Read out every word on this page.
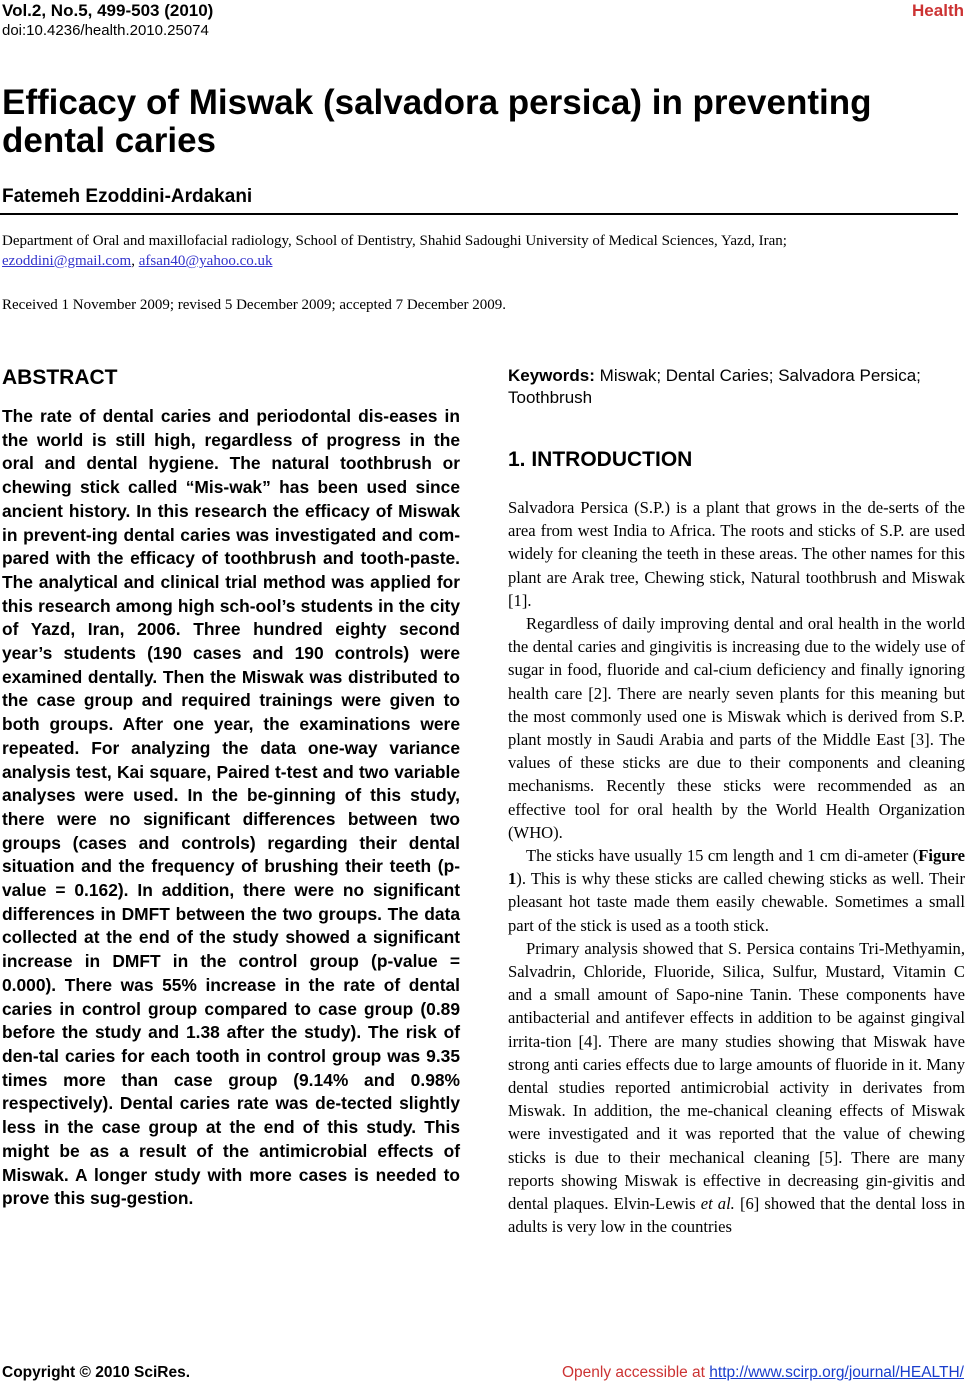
Vol.2, No.5, 499-503 (2010)	Health
doi:10.4236/health.2010.25074
Efficacy of Miswak (salvadora persica) in preventing dental caries
Fatemeh Ezoddini-Ardakani
Department of Oral and maxillofacial radiology, School of Dentistry, Shahid Sadoughi University of Medical Sciences, Yazd, Iran;
ezoddini@gmail.com, afsan40@yahoo.co.uk
Received 1 November 2009; revised 5 December 2009; accepted 7 December 2009.
ABSTRACT
The rate of dental caries and periodontal dis-eases in the world is still high, regardless of progress in the oral and dental hygiene. The natural toothbrush or chewing stick called “Mis-wak” has been used since ancient history. In this research the efficacy of Miswak in prevent-ing dental caries was investigated and com-pared with the efficacy of toothbrush and tooth-paste. The analytical and clinical trial method was applied for this research among high sch-ool’s students in the city of Yazd, Iran, 2006. Three hundred eighty second year’s students (190 cases and 190 controls) were examined dentally. Then the Miswak was distributed to the case group and required trainings were given to both groups. After one year, the examinations were repeated. For analyzing the data one-way variance analysis test, Kai square, Paired t-test and two variable analyses were used. In the be-ginning of this study, there were no significant differences between two groups (cases and controls) regarding their dental situation and the frequency of brushing their teeth (p-value = 0.162). In addition, there were no significant differences in DMFT between the two groups. The data collected at the end of the study showed a significant increase in DMFT in the control group (p-value = 0.000). There was 55% increase in the rate of dental caries in control group compared to case group (0.89 before the study and 1.38 after the study). The risk of den-tal caries for each tooth in control group was 9.35 times more than case group (9.14% and 0.98% respectively). Dental caries rate was de-tected slightly less in the case group at the end of this study. This might be as a result of the antimicrobial effects of Miswak. A longer study with more cases is needed to prove this sug-gestion.
Keywords: Miswak; Dental Caries; Salvadora Persica; Toothbrush
1. INTRODUCTION

Salvadora Persica (S.P.) is a plant that grows in the de-serts of the area from west India to Africa. The roots and sticks of S.P. are used widely for cleaning the teeth in these areas. The other names for this plant are Arak tree, Chewing stick, Natural toothbrush and Miswak [1].

Regardless of daily improving dental and oral health in the world the dental caries and gingivitis is increasing due to the widely use of sugar in food, fluoride and cal-cium deficiency and finally ignoring health care [2]. There are nearly seven plants for this meaning but the most commonly used one is Miswak which is derived from S.P. plant mostly in Saudi Arabia and parts of the Middle East [3]. The values of these sticks are due to their components and cleaning mechanisms. Recently these sticks were recommended as an effective tool for oral health by the World Health Organization (WHO).

The sticks have usually 15 cm length and 1 cm di-ameter (Figure 1). This is why these sticks are called chewing sticks as well. Their pleasant hot taste made them easily chewable. Sometimes a small part of the stick is used as a tooth stick.

Primary analysis showed that S. Persica contains Tri-Methyamin, Salvadrin, Chloride, Fluoride, Silica, Sulfur, Mustard, Vitamin C and a small amount of Sapo-nine Tanin. These components have antibacterial and antifever effects in addition to be against gingival irrita-tion [4]. There are many studies showing that Miswak have strong anti caries effects due to large amounts of fluoride in it. Many dental studies reported antimicrobial activity in derivates from Miswak. In addition, the me-chanical cleaning effects of Miswak were investigated and it was reported that the value of chewing sticks is due to their mechanical cleaning [5]. There are many reports showing Miswak is effective in decreasing gin-givitis and dental plaques. Elvin-Lewis et al. [6] showed that the dental loss in adults is very low in the countries

Copyright © 2010 SciRes.	Openly accessible at http://www.scirp.org/journal/HEALTH/
